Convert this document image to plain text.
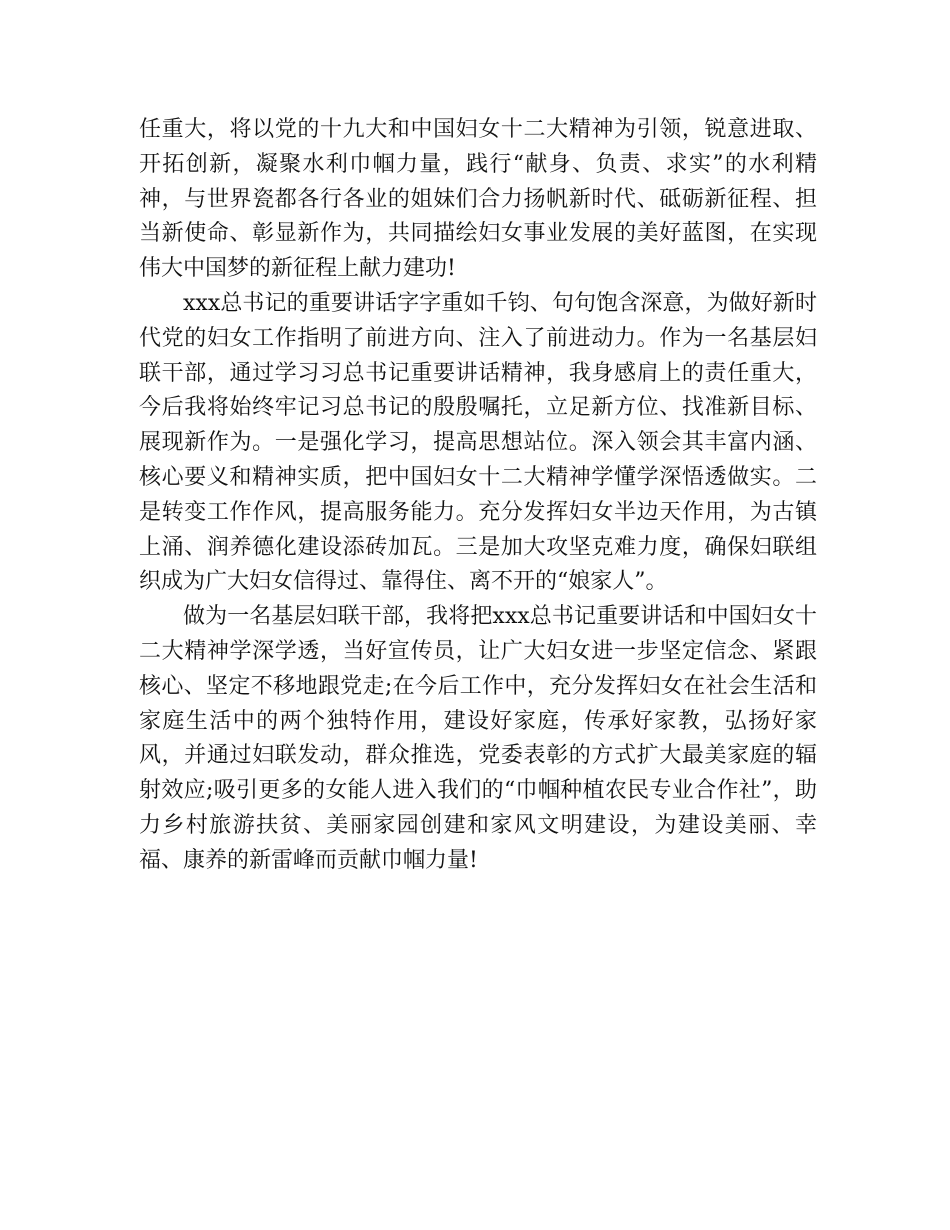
任重大，将以党的十九大和中国妇女十二大精神为引领，锐意进取、开拓创新，凝聚水利巾帼力量，践行“献身、负责、求实”的水利精神，与世界瓷都各行各业的姐妹们合力扬帆新时代、砥砺新征程、担当新使命、彰显新作为，共同描绘妇女事业发展的美好蓝图，在实现伟大中国梦的新征程上献力建功!

xxx总书记的重要讲话字字重如千钧、句句饱含深意，为做好新时代党的妇女工作指明了前进方向、注入了前进动力。作为一名基层妇联干部，通过学习习总书记重要讲话精神，我身感肩上的责任重大，今后我将始终牢记习总书记的殷殷嘱托，立足新方位、找准新目标、展现新作为。一是强化学习，提高思想站位。深入领会其丰富内涵、核心要义和精神实质，把中国妇女十二大精神学懂学深悟透做实。二是转变工作作风，提高服务能力。充分发挥妇女半边天作用，为古镇上涌、润养德化建设添砖加瓦。三是加大攻坚克难力度，确保妇联组织成为广大妇女信得过、靠得住、离不开的“娘家人”。

做为一名基层妇联干部，我将把xxx总书记重要讲话和中国妇女十二大精神学深学透，当好宣传员，让广大妇女进一步坚定信念、紧跟核心、坚定不移地跟党走;在今后工作中，充分发挥妇女在社会生活和家庭生活中的两个独特作用，建设好家庭，传承好家教，弘扬好家风，并通过妇联发动，群众推选，党委表彰的方式扩大最美家庭的辐射效应;吸引更多的女能人进入我们的“巾帼种植农民专业合作社”，助力乡村旅游扶贫、美丽家园创建和家风文明建设，为建设美丽、幸福、康养的新雷峰而贡献巾帼力量!
